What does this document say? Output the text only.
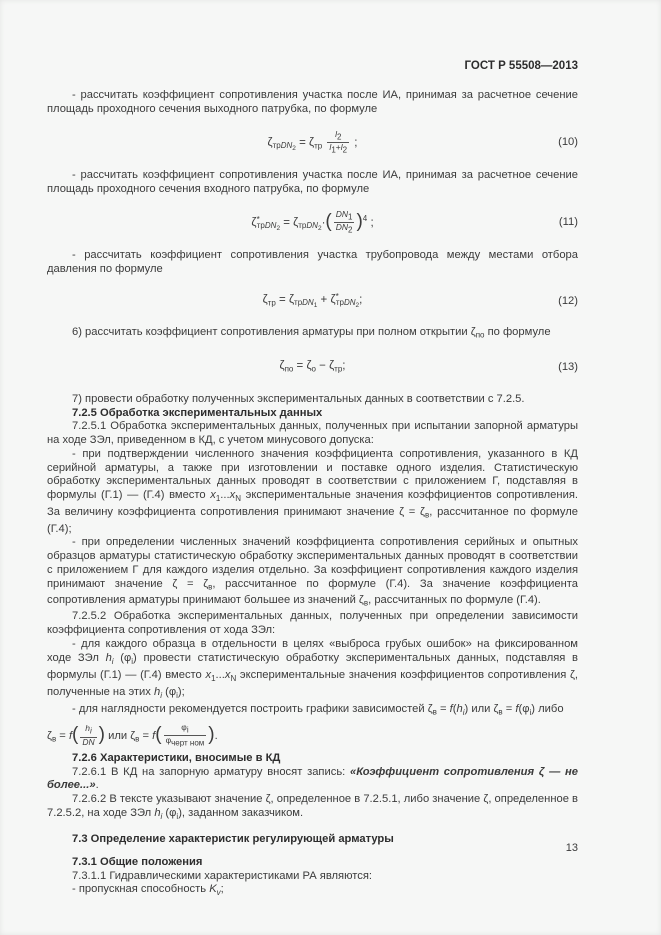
ГОСТ Р 55508—2013

- рассчитать коэффициент сопротивления участка после ИА, принимая за расчетное сечение площадь проходного сечения выходного патрубка, по формуле

$\zeta_{трDN_2} = \zeta_{тр} \frac{l_2}{l_1+l_2}$ ;	(10)

- рассчитать коэффициент сопротивления участка после ИА, принимая за расчетное сечение площадь проходного сечения входного патрубка, по формуле

$\zeta^*_{трDN_2} = \zeta_{трDN_2}\cdot( \frac{DN_1}{DN_2} )^4$ ;	(11)

- рассчитать коэффициент сопротивления участка трубопровода между местами отбора давления по формуле

$\zeta_{тр} = \zeta_{трDN_1} + \zeta^*_{трDN_2}$;	(12)

6) рассчитать коэффициент сопротивления арматуры при полном открытии $\zeta_{по}$ по формуле

$\zeta_{по} = \zeta_о - \zeta_{тр}$;	(13)

7) провести обработку полученных экспериментальных данных в соответствии с 7.2.5.

7.2.5 Обработка экспериментальных данных

7.2.5.1 Обработка экспериментальных данных, полученных при испытании запорной арматуры на ходе ЗЭл, приведенном в КД, с учетом минусового допуска:

- при подтверждении численного значения коэффициента сопротивления, указанного в КД серийной арматуры, а также при изготовлении и поставке одного изделия. Статистическую обработку экспериментальных данных проводят в соответствии с приложением Г, подставляя в формулы (Г.1) — (Г.4) вместо $x_1...x_N$ экспериментальные значения коэффициентов сопротивления. За величину коэффициента сопротивления принимают значение $\zeta = \zeta_в$, рассчитанное по формуле (Г.4);

- при определении численных значений коэффициента сопротивления серийных и опытных образцов арматуры статистическую обработку экспериментальных данных проводят в соответствии с приложением Г для каждого изделия отдельно. За коэффициент сопротивления каждого изделия принимают значение $\zeta = \zeta_в$, рассчитанное по формуле (Г.4). За значение коэффициента сопротивления арматуры принимают большее из значений $\zeta_в$, рассчитанных по формуле (Г.4).

7.2.5.2 Обработка экспериментальных данных, полученных при определении зависимости коэффициента сопротивления от хода ЗЭл:

- для каждого образца в отдельности в целях «выброса грубых ошибок» на фиксированном ходе ЗЭл $h_i$ $(\varphi_i)$ провести статистическую обработку экспериментальных данных, подставляя в формулы (Г.1) — (Г.4) вместо $x_1...x_N$ экспериментальные значения коэффициентов сопротивления ζ, полученные на этих $h_i$ $(\varphi_i)$;

- для наглядности рекомендуется построить графики зависимостей $\zeta_в = f(h_i)$ или $\zeta_в = f(\varphi_i)$ либо

$\zeta_в = f( \frac{h_i}{DN}$ ) или $\zeta_в = f( \frac{\varphi_i}{\varphi_{черт ном}}$ ).

7.2.6 Характеристики, вносимые в КД

7.2.6.1 В КД на запорную арматуру вносят запись: «Коэффициент сопротивления ζ — не более...».

7.2.6.2 В тексте указывают значение ζ, определенное в 7.2.5.1, либо значение ζ, определенное в 7.2.5.2, на ходе ЗЭл $h_i$ $(\varphi_i)$, заданном заказчиком.

7.3 Определение характеристик регулирующей арматуры

7.3.1 Общие положения

7.3.1.1 Гидравлическими характеристиками РА являются:

- пропускная способность $K_v$;

13
